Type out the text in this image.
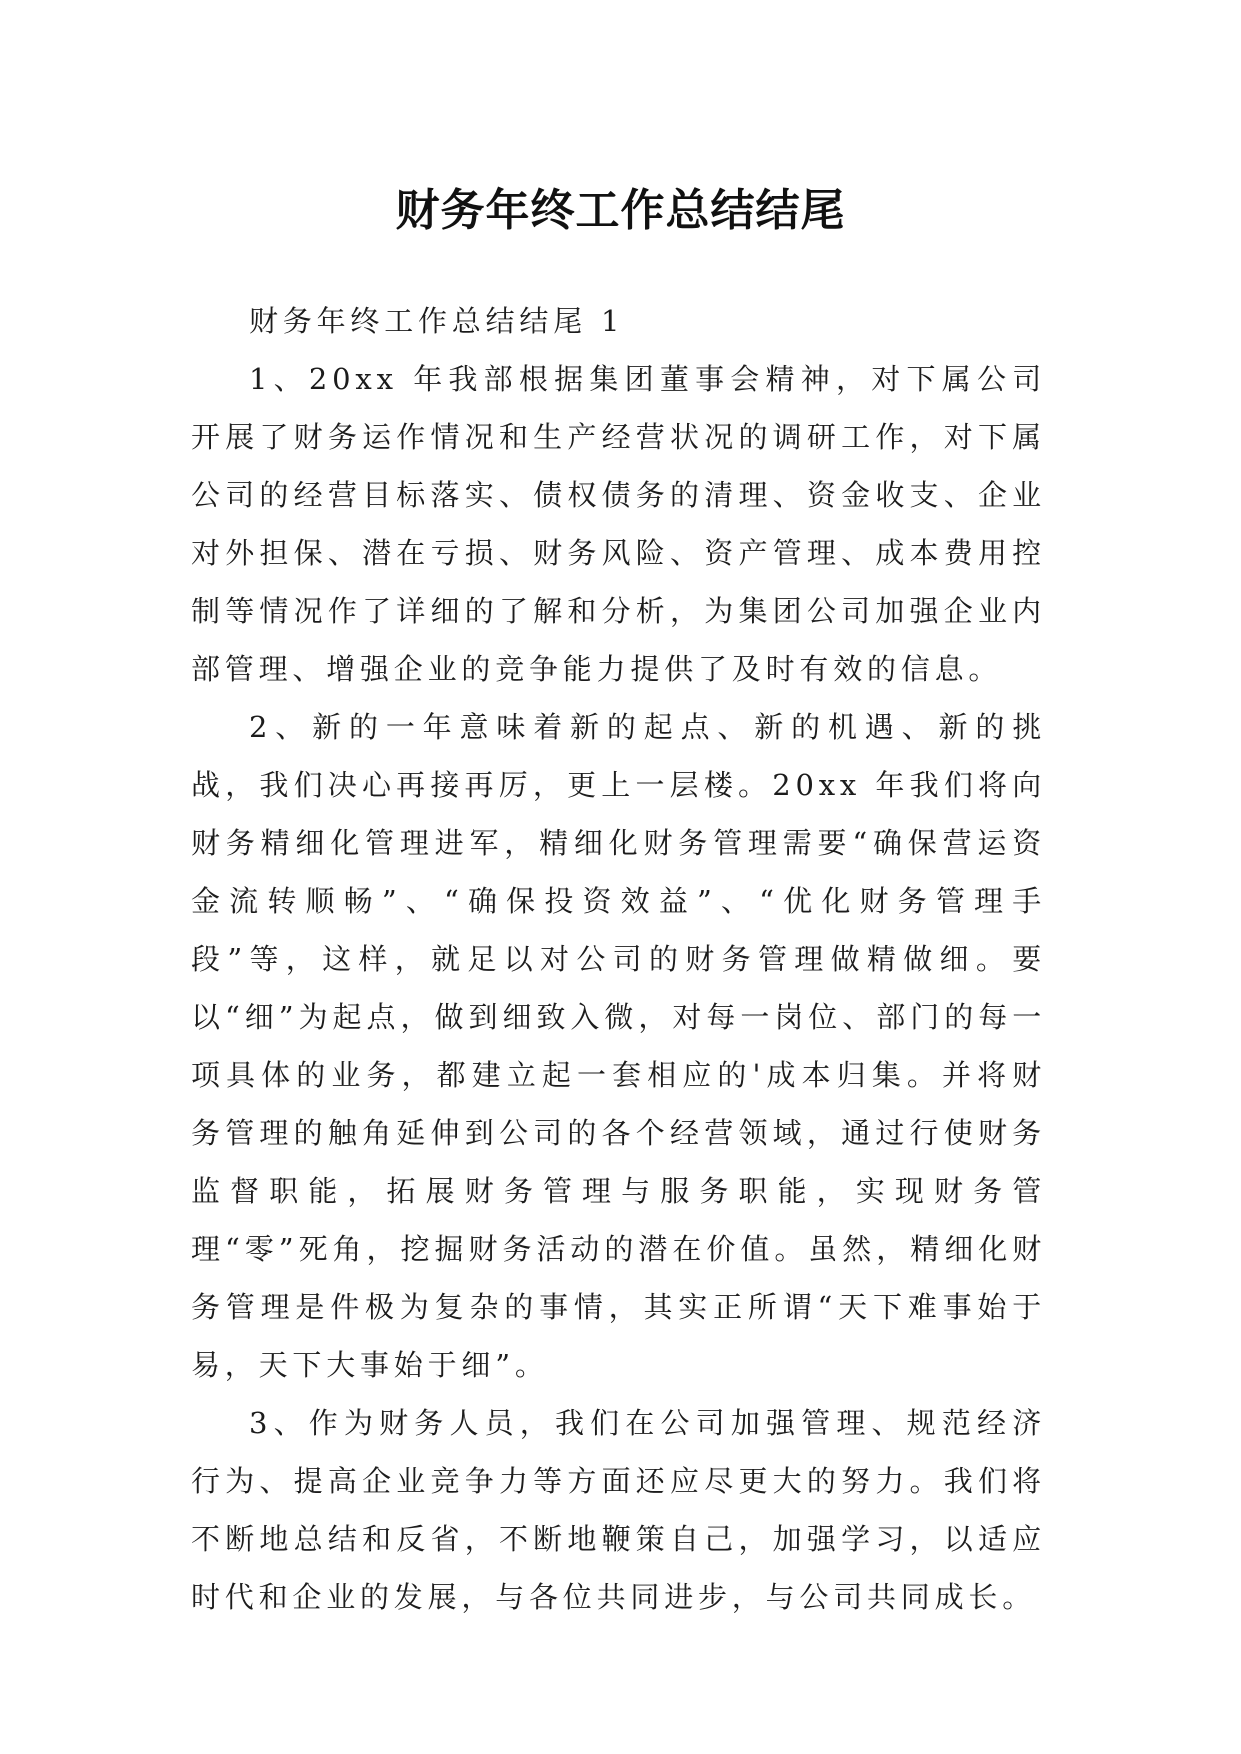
财务年终工作总结结尾

财务年终工作总结结尾 1

1、20xx 年我部根据集团董事会精神，对下属公司开展了财务运作情况和生产经营状况的调研工作，对下属公司的经营目标落实、债权债务的清理、资金收支、企业对外担保、潜在亏损、财务风险、资产管理、成本费用控制等情况作了详细的了解和分析，为集团公司加强企业内部管理、增强企业的竞争能力提供了及时有效的信息。

2、新的一年意味着新的起点、新的机遇、新的挑战，我们决心再接再厉，更上一层楼。20xx 年我们将向财务精细化管理进军，精细化财务管理需要“确保营运资金流转顺畅”、“确保投资效益”、“优化财务管理手段”等，这样，就足以对公司的财务管理做精做细。要以“细”为起点，做到细致入微，对每一岗位、部门的每一项具体的业务，都建立起一套相应的'成本归集。并将财务管理的触角延伸到公司的各个经营领域，通过行使财务监督职能，拓展财务管理与服务职能，实现财务管理“零”死角，挖掘财务活动的潜在价值。虽然，精细化财务管理是件极为复杂的事情，其实正所谓“天下难事始于易，天下大事始于细”。

3、作为财务人员，我们在公司加强管理、规范经济行为、提高企业竞争力等方面还应尽更大的努力。我们将不断地总结和反省，不断地鞭策自己，加强学习，以适应时代和企业的发展，与各位共同进步，与公司共同成长。
